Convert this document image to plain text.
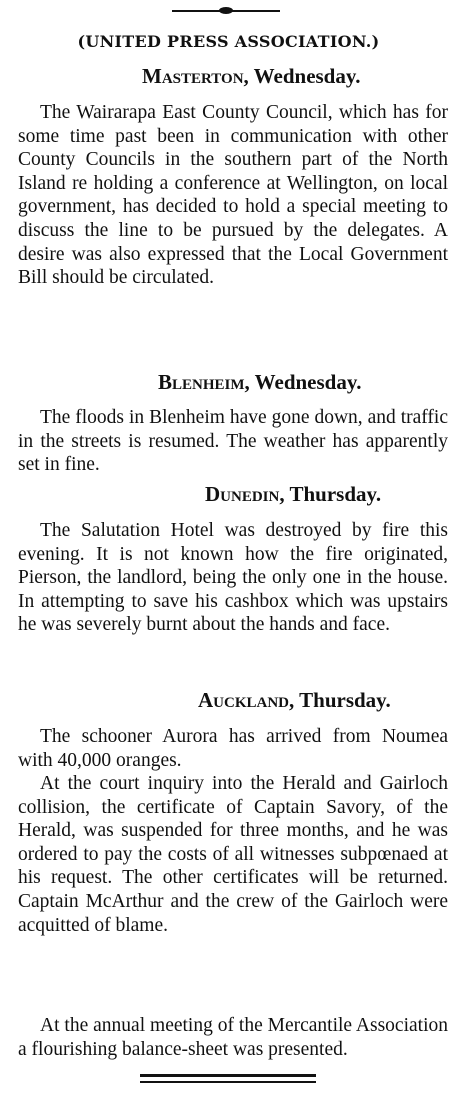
(UNITED PRESS ASSOCIATION.)
Masterton, Wednesday.

The Wairarapa East County Council, which has for some time past been in communication with other County Councils in the southern part of the North Island re holding a conference at Wellington, on local government, has decided to hold a special meeting to discuss the line to be pursued by the delegates. A desire was also expressed that the Local Government Bill should be circulated.

Blenheim, Wednesday.

The floods in Blenheim have gone down, and traffic in the streets is resumed. The weather has apparently set in fine.

Dunedin, Thursday.

The Salutation Hotel was destroyed by fire this evening. It is not known how the fire originated, Pierson, the landlord, being the only one in the house. In attempting to save his cashbox which was upstairs he was severely burnt about the hands and face.

Auckland, Thursday.

The schooner Aurora has arrived from Noumea with 40,000 oranges.

At the court inquiry into the Herald and Gairloch collision, the certificate of Captain Savory, of the Herald, was suspended for three months, and he was ordered to pay the costs of all witnesses subpœnaed at his request. The other certificates will be returned. Captain McArthur and the crew of the Gairloch were acquitted of blame.

At the annual meeting of the Mercantile Association a flourishing balance-sheet was presented.
